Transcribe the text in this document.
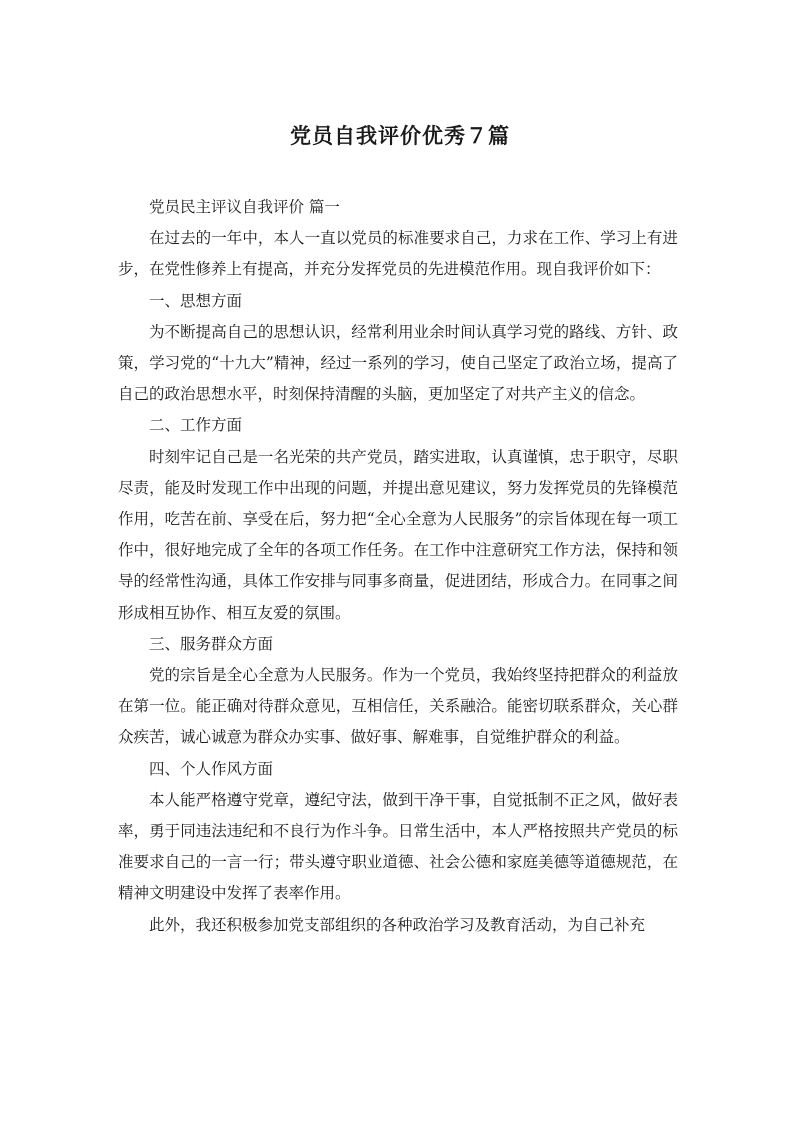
党员自我评价优秀７篇

党员民主评议自我评价 篇一

在过去的一年中，本人一直以党员的标准要求自己，力求在工作、学习上有进步，在党性修养上有提高，并充分发挥党员的先进模范作用。现自我评价如下：

一、思想方面

为不断提高自己的思想认识，经常利用业余时间认真学习党的路线、方针、政策，学习党的“十九大”精神，经过一系列的学习，使自己坚定了政治立场，提高了自己的政治思想水平，时刻保持清醒的头脑，更加坚定了对共产主义的信念。

二、工作方面

时刻牢记自己是一名光荣的共产党员，踏实进取，认真谨慎，忠于职守，尽职尽责，能及时发现工作中出现的问题，并提出意见建议，努力发挥党员的先锋模范作用，吃苦在前、享受在后，努力把“全心全意为人民服务”的宗旨体现在每一项工作中，很好地完成了全年的各项工作任务。在工作中注意研究工作方法，保持和领导的经常性沟通，具体工作安排与同事多商量，促进团结，形成合力。在同事之间形成相互协作、相互友爱的氛围。

三、服务群众方面

党的宗旨是全心全意为人民服务。作为一个党员，我始终坚持把群众的利益放在第一位。能正确对待群众意见，互相信任，关系融洽。能密切联系群众，关心群众疾苦，诚心诚意为群众办实事、做好事、解难事，自觉维护群众的利益。

四、个人作风方面

本人能严格遵守党章，遵纪守法，做到干净干事，自觉抵制不正之风，做好表率，勇于同违法违纪和不良行为作斗争。日常生活中，本人严格按照共产党员的标准要求自己的一言一行；带头遵守职业道德、社会公德和家庭美德等道德规范，在精神文明建设中发挥了表率作用。

此外，我还积极参加党支部组织的各种政治学习及教育活动，为自己补充
